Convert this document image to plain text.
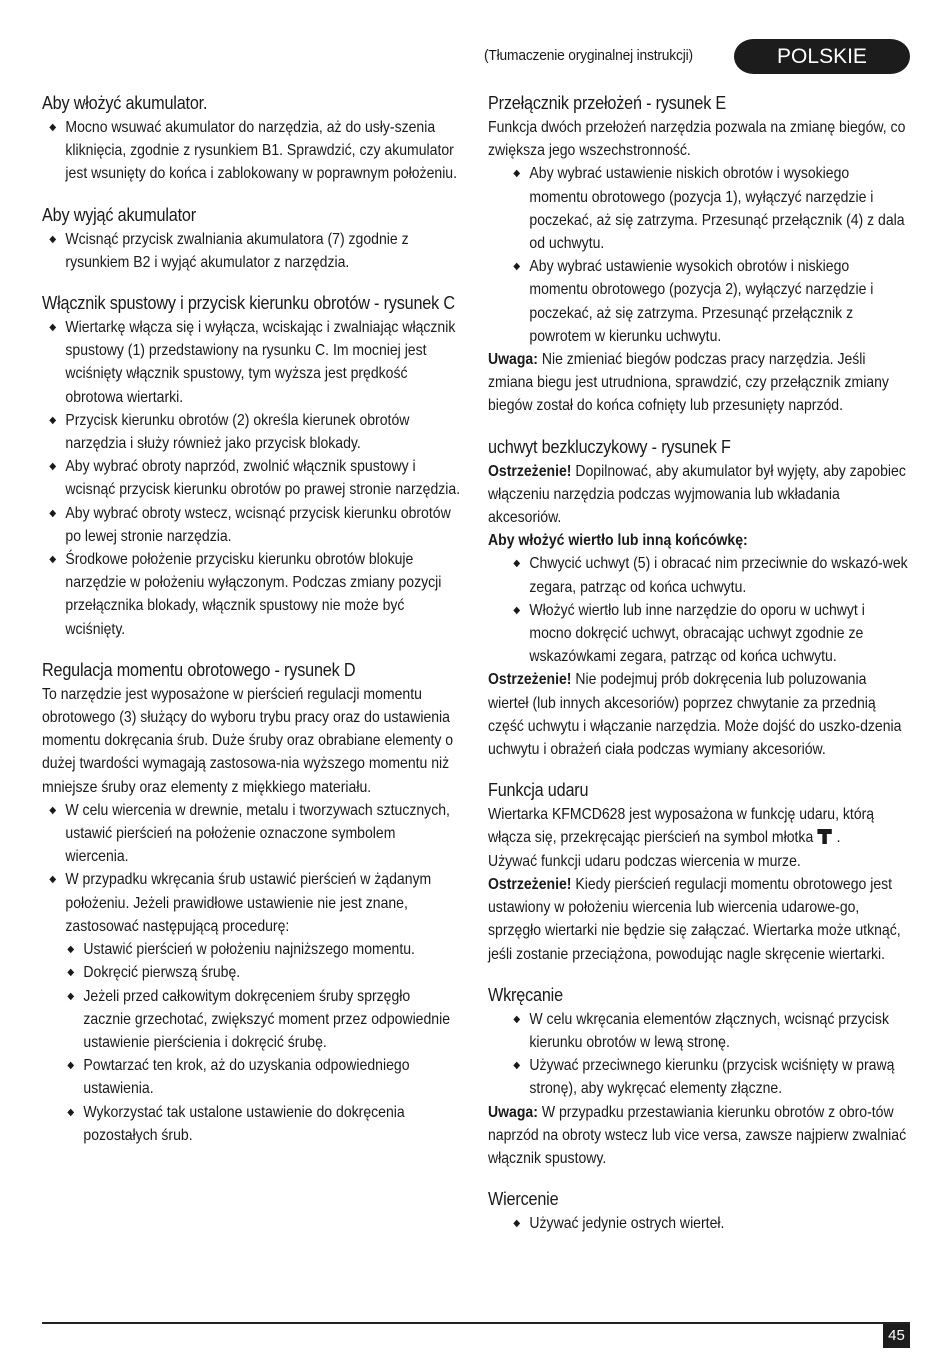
(Tłumaczenie oryginalnej instrukcji)	POLSKIE
Aby włożyć akumulator.
◆ Mocno wsuwać akumulator do narzędzia, aż do usły-szenia kliknięcia, zgodnie z rysunkiem B1. Sprawdzić, czy akumulator jest wsunięty do końca i zablokowany w poprawnym położeniu.
Aby wyjąć akumulator
◆ Wcisnąć przycisk zwalniania akumulatora (7) zgodnie z rysunkiem B2 i wyjąć akumulator z narzędzia.
Włącznik spustowy i przycisk kierunku obrotów - rysunek C
◆ Wiertarkę włącza się i wyłącza, wciskając i zwalniając włącznik spustowy (1) przedstawiony na rysunku C. Im mocniej jest wciśnięty włącznik spustowy, tym wyższa jest prędkość obrotowa wiertarki.
◆ Przycisk kierunku obrotów (2) określa kierunek obrotów narzędzia i służy również jako przycisk blokady.
◆ Aby wybrać obroty naprzód, zwolnić włącznik spustowy i wcisnąć przycisk kierunku obrotów po prawej stronie narzędzia.
◆ Aby wybrać obroty wstecz, wcisnąć przycisk kierunku obrotów po lewej stronie narzędzia.
◆ Środkowe położenie przycisku kierunku obrotów blokuje narzędzie w położeniu wyłączonym. Podczas zmiany pozycji przełącznika blokady, włącznik spustowy nie może być wciśnięty.
Regulacja momentu obrotowego - rysunek D

To narzędzie jest wyposażone w pierścień regulacji momentu obrotowego (3) służący do wyboru trybu pracy oraz do ustawienia momentu dokręcania śrub. Duże śruby oraz obrabiane elementy o dużej twardości wymagają zastosowa-nia wyższego momentu niż mniejsze śruby oraz elementy z miękkiego materiału.

◆ W celu wiercenia w drewnie, metalu i tworzywach sztucznych, ustawić pierścień na położenie oznaczone symbolem wiercenia.
◆ W przypadku wkręcania śrub ustawić pierścień w żądanym położeniu. Jeżeli prawidłowe ustawienie nie jest znane, zastosować następującą procedurę:
◆ Ustawić pierścień w położeniu najniższego momentu.
◆ Dokręcić pierwszą śrubę.
◆ Jeżeli przed całkowitym dokręceniem śruby sprzęgło zacznie grzechotać, zwiększyć moment przez odpowiednie ustawienie pierścienia i dokręcić śrubę.
◆ Powtarzać ten krok, aż do uzyskania odpowiedniego ustawienia.
◆ Wykorzystać tak ustalone ustawienie do dokręcenia pozostałych śrub.
Przełącznik przełożeń - rysunek E

Funkcja dwóch przełożeń narzędzia pozwala na zmianę biegów, co zwiększa jego wszechstronność.

◆ Aby wybrać ustawienie niskich obrotów i wysokiego momentu obrotowego (pozycja 1), wyłączyć narzędzie i poczekać, aż się zatrzyma. Przesunąć przełącznik (4) z dala od uchwytu.
◆ Aby wybrać ustawienie wysokich obrotów i niskiego momentu obrotowego (pozycja 2), wyłączyć narzędzie i poczekać, aż się zatrzyma. Przesunąć przełącznik z powrotem w kierunku uchwytu.

Uwaga: Nie zmieniać biegów podczas pracy narzędzia. Jeśli zmiana biegu jest utrudniona, sprawdzić, czy przełącznik zmiany biegów został do końca cofnięty lub przesunięty naprzód.

uchwyt bezkluczykowy - rysunek F

Ostrzeżenie! Dopilnować, aby akumulator był wyjęty, aby zapobiec włączeniu narzędzia podczas wyjmowania lub wkładania akcesoriów.

Aby włożyć wiertło lub inną końcówkę:

◆ Chwycić uchwyt (5) i obracać nim przeciwnie do wskazó-wek zegara, patrząc od końca uchwytu.
◆ Włożyć wiertło lub inne narzędzie do oporu w uchwyt i mocno dokręcić uchwyt, obracając uchwyt zgodnie ze wskazówkami zegara, patrząc od końca uchwytu.

Ostrzeżenie! Nie podejmuj prób dokręcenia lub poluzowania wierteł (lub innych akcesoriów) poprzez chwytanie za przednią część uchwytu i włączanie narzędzia. Może dojść do uszko-dzenia uchwytu i obrażeń ciała podczas wymiany akcesoriów.

Funkcja udaru

Wiertarka KFMCD628 jest wyposażona w funkcję udaru, którą włącza się, przekręcając pierścień na symbol młotka .

Używać funkcji udaru podczas wiercenia w murze.

Ostrzeżenie! Kiedy pierścień regulacji momentu obrotowego jest ustawiony w położeniu wiercenia lub wiercenia udarowe-go, sprzęgło wiertarki nie będzie się załączać. Wiertarka może utknąć, jeśli zostanie przeciążona, powodując nagle skręcenie wiertarki.

Wkręcanie
◆ W celu wkręcania elementów złącznych, wcisnąć przycisk kierunku obrotów w lewą stronę.
◆ Używać przeciwnego kierunku (przycisk wciśnięty w prawą stronę), aby wykręcać elementy złączne.

Uwaga: W przypadku przestawiania kierunku obrotów z obro-tów naprzód na obroty wstecz lub vice versa, zawsze najpierw zwalniać włącznik spustowy.

Wiercenie
◆ Używać jedynie ostrych wierteł.
45
